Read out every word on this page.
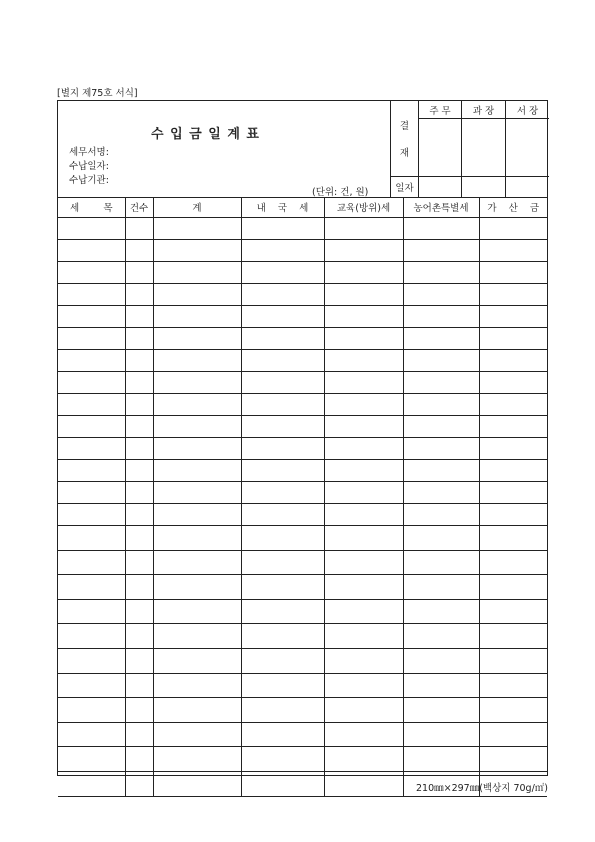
[별지 제75호 서식]
수 입 금 일 계 표
세무서명:
수납일자:
수납기관:
(단위: 건, 원)
결
재
일자
주 무	과 장	서 장
세        목	건수	계	내    국    세	교육(방위)세	농어촌특별세	가    산    금

210㎜×297㎜(백상지 70g/㎡)
